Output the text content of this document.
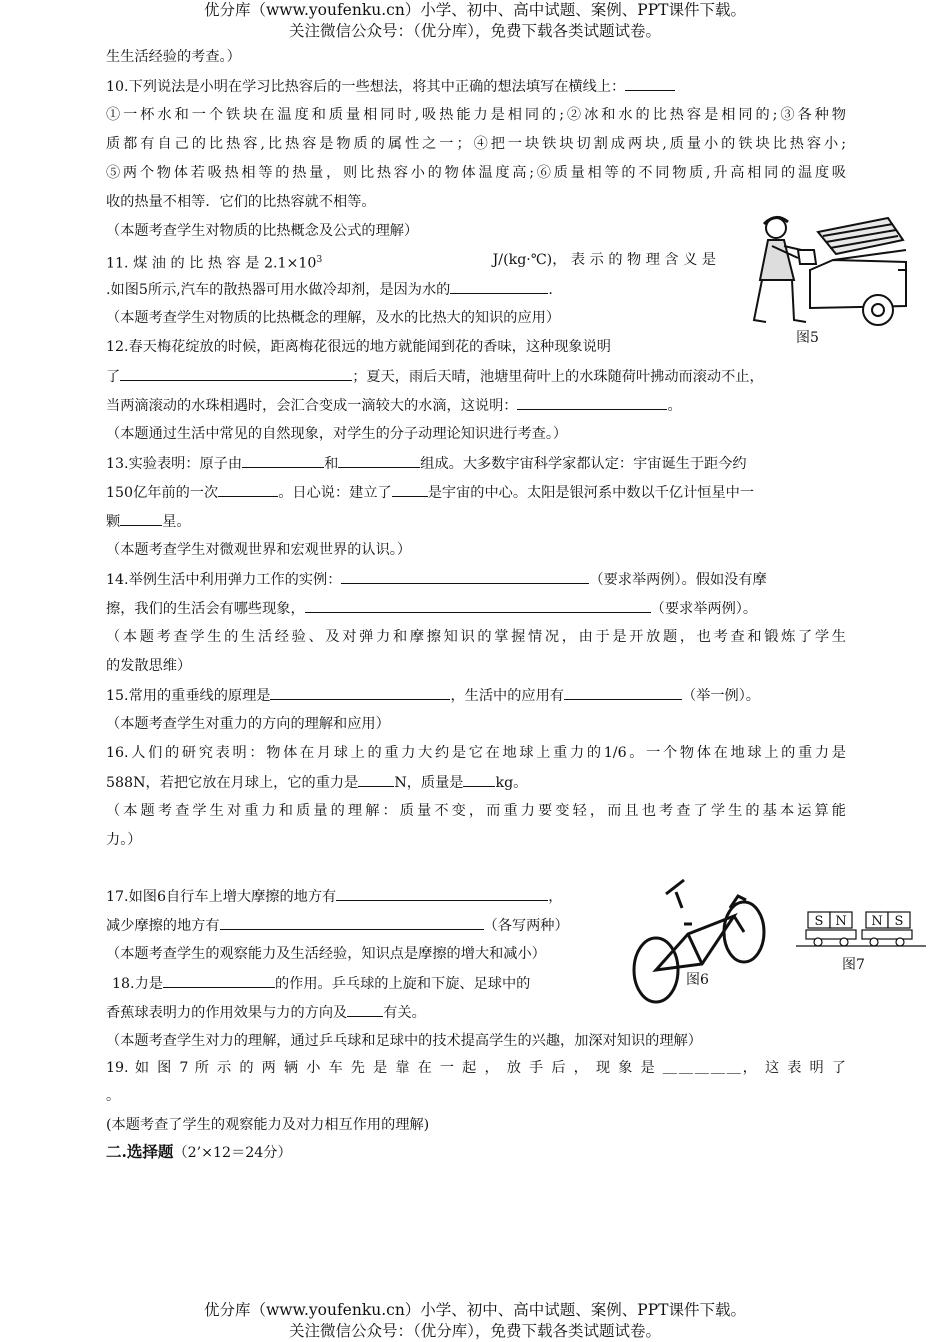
优分库（www.youfenku.cn）小学、初中、高中试题、案例、PPT课件下载。
关注微信公众号：（优分库），免费下载各类试题试卷。
生生活经验的考查。）
10.下列说法是小明在学习比热容后的一些想法，将其中正确的想法填写在横线上：
①一杯水和一个铁块在温度和质量相同时,吸热能力是相同的;②冰和水的比热容是相同的;③各种物
质都有自己的比热容,比热容是物质的属性之一；④把一块铁块切割成两块,质量小的铁块比热容小;
⑤两个物体若吸热相等的热量，则比热容小的物体温度高;⑥质量相等的不同物质,升高相同的温度吸
收的热量不相等．它们的比热容就不相等。
（本题考查学生对物质的比热概念及公式的理解）
11. 煤 油 的 比 热 容 是 $2.1\times 10^3$	J/(kg·℃)， 表 示 的 物 理 含 义 是
.如图5所示,汽车的散热器可用水做冷却剂，是因为水的	.
（本题考查学生对物质的比热概念的理解，及水的比热大的知识的应用）
图5
12.春天梅花绽放的时候，距离梅花很远的地方就能闻到花的香味，这种现象说明
了	；夏天，雨后天晴，池塘里荷叶上的水珠随荷叶拂动而滚动不止，
当两滴滚动的水珠相遇时，会汇合变成一滴较大的水滴，这说明：	。
（本题通过生活中常见的自然现象，对学生的分子动理论知识进行考查。）
13.实验表明：原子由	和	组成。大多数宇宙科学家都认定：宇宙诞生于距今约
150亿年前的一次	。日心说：建立了	是宇宙的中心。太阳是银河系中数以千亿计恒星中一
颗	星。
（本题考查学生对微观世界和宏观世界的认识。）
14.举例生活中利用弹力工作的实例：	（要求举两例）。假如没有摩
擦，我们的生活会有哪些现象，	（要求举两例）。
（本题考查学生的生活经验、及对弹力和摩擦知识的掌握情况，由于是开放题，也考查和锻炼了学生
的发散思维）
15.常用的重垂线的原理是	，生活中的应用有	（举一例）。
（本题考查学生对重力的方向的理解和应用）
16.人们的研究表明：物体在月球上的重力大约是它在地球上重力的1/6。一个物体在地球上的重力是
588N，若把它放在月球上，它的重力是	N，质量是 kg。
（本题考查学生对重力和质量的理解：质量不变，而重力要变轻，而且也考查了学生的基本运算能
力。）
17.如图6自行车上增大摩擦的地方有	，
减少摩擦的地方有	（各写两种）
（本题考查学生的观察能力及生活经验，知识点是摩擦的增大和减小）
18.力是	的作用。乒乓球的上旋和下旋、足球中的
香蕉球表明力的作用效果与力的方向及	有关。
（本题考查学生对力的理解，通过乒乓球和足球中的技术提高学生的兴趣，加深对知识的理解）
图6
S N N S
图7
19. 如 图 7 所 示 的 两 辆 小 车 先 是 靠 在 一 起 ， 放 手 后 ， 现 象 是 ＿＿＿＿＿， 这 表 明 了
。
(本题考查了学生的观察能力及对力相互作用的理解)
二.选择题（2’×12＝24分）
优分库（www.youfenku.cn）小学、初中、高中试题、案例、PPT课件下载。
关注微信公众号：（优分库），免费下载各类试题试卷。
